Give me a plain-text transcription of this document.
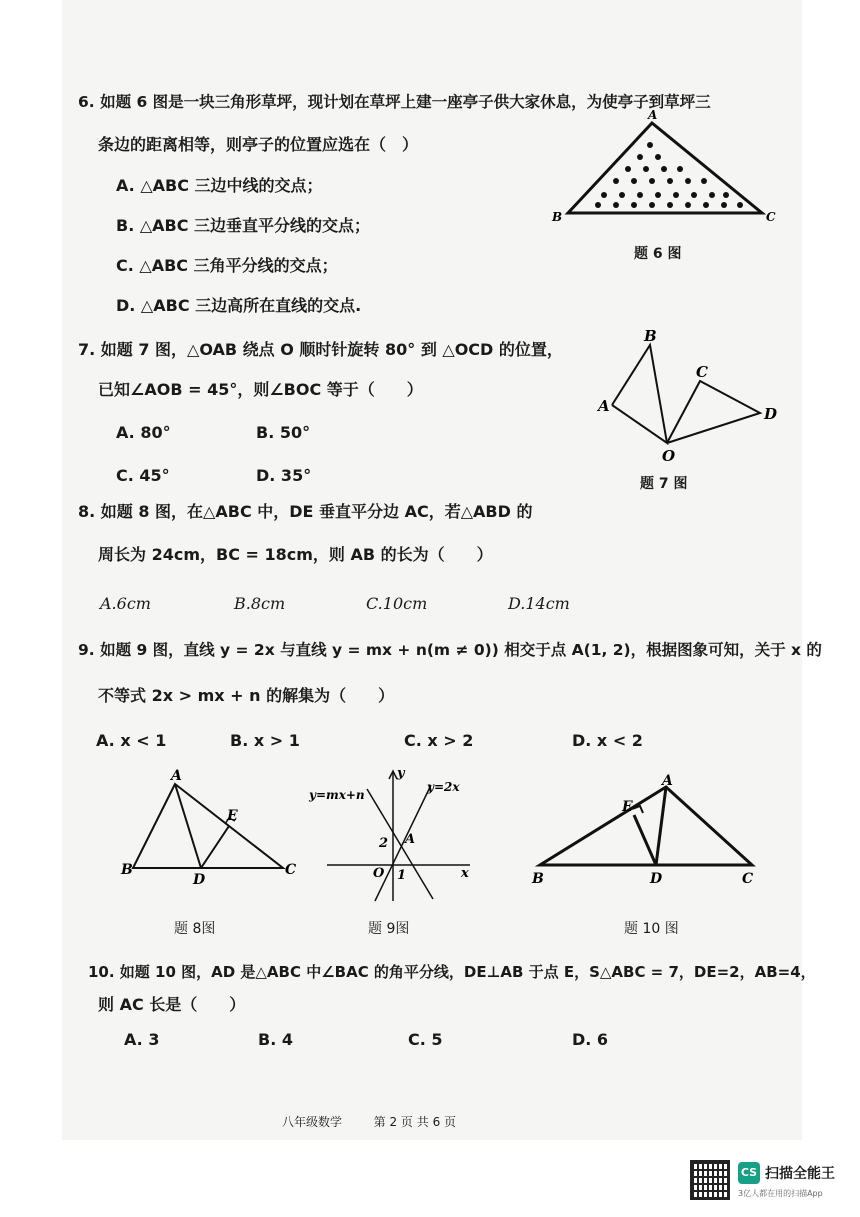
6. 如题 6 图是一块三角形草坪，现计划在草坪上建一座亭子供大家休息，为使亭子到草坪三
条边的距离相等，则亭子的位置应选在（　）
A. △ABC 三边中线的交点；
B. △ABC 三边垂直平分线的交点；
C. △ABC 三角平分线的交点；
D. △ABC 三边高所在直线的交点.
A
B	C
题 6 图
7. 如题 7 图，△OAB 绕点 O 顺时针旋转 80° 到 △OCD 的位置，
已知∠AOB = 45°，则∠BOC 等于（　　）
A. 80°	B. 50°
C. 45°	D. 35°
B
A
C
D
O
题 7 图
8. 如题 8 图，在△ABC 中，DE 垂直平分边 AC，若△ABD 的
周长为 24cm，BC = 18cm，则 AB 的长为（　　）
A.6cm	B.8cm	C.10cm	D.14cm
9. 如题 9 图，直线 y = 2x 与直线 y = mx + n(m ≠ 0)) 相交于点 A(1, 2)，根据图象可知，关于 x 的
不等式 2x > mx + n 的解集为（　　）
A. x < 1	B. x > 1	C. x > 2	D. x < 2
A
B	C
D
E
题 8图
y
x
O
y=mx+n
y=2x
2
1
A
题 9图
A
B	C
D
E
题 10 图
10. 如题 10 图，AD 是△ABC 中∠BAC 的角平分线，DE⊥AB 于点 E，S△ABC = 7，DE=2，AB=4，
则 AC 长是（　　）
A. 3	B. 4	C. 5	D. 6
八年级数学	第 2 页 共 6 页
CS 扫描全能王
3亿人都在用的扫描App
